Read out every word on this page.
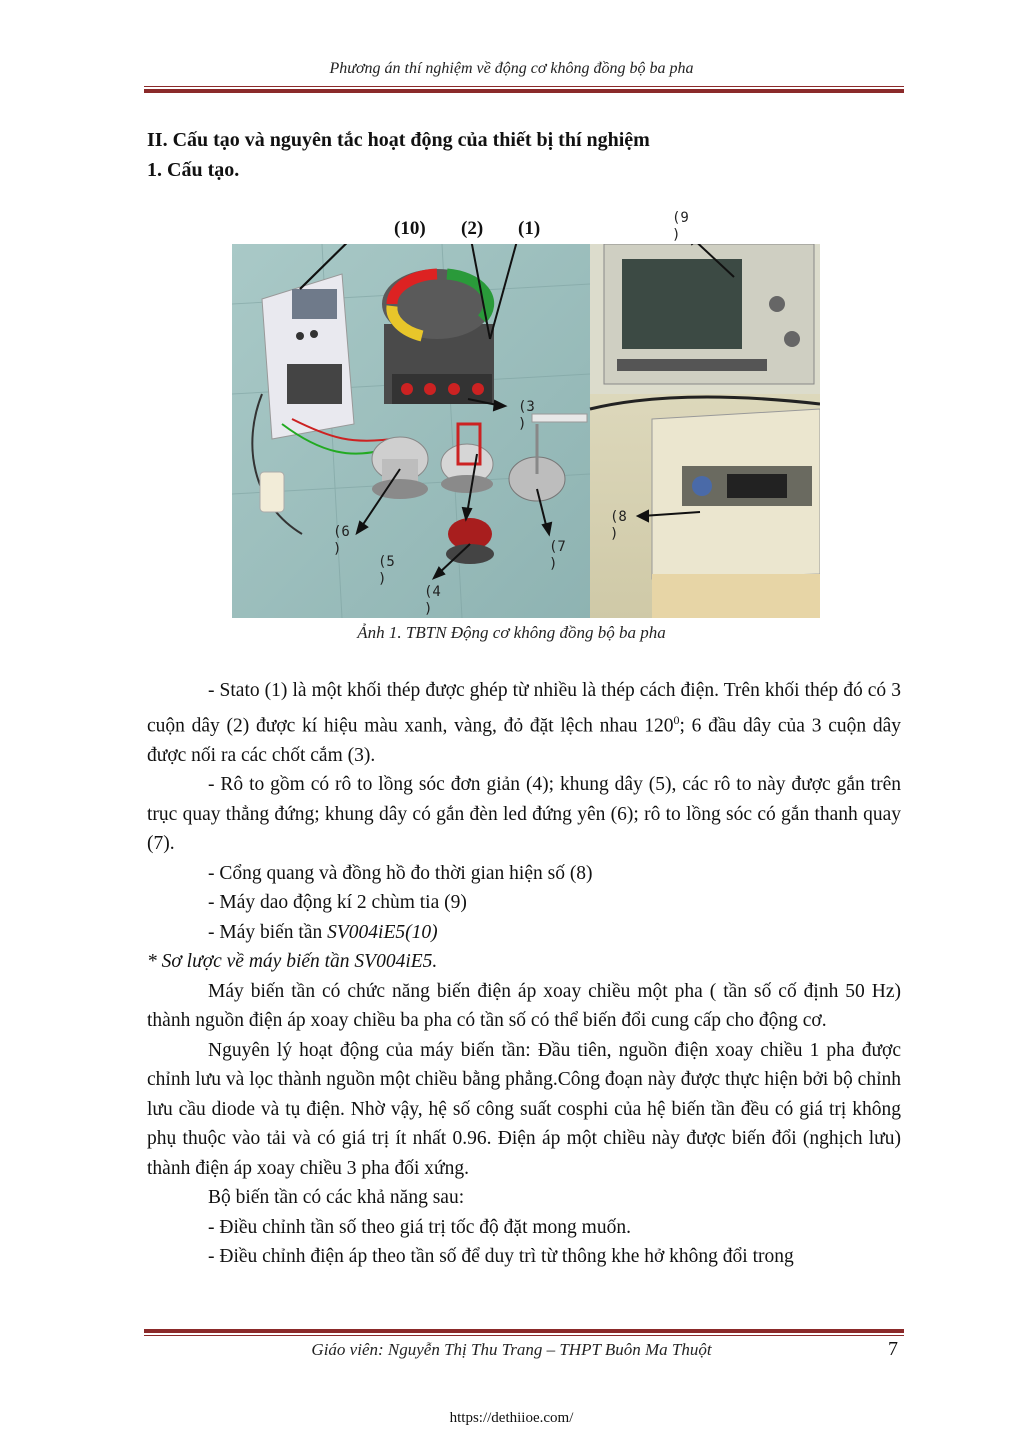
Phương án thí nghiệm về động cơ không đồng bộ ba pha
II. Cấu tạo và nguyên tắc hoạt động của thiết bị thí nghiệm
1. Cấu tạo.
(10) (2) (1)	(9
)
(3
)
(8
)
(6
)
(5
)
(7
)
(4
)
Ảnh 1. TBTN Động cơ không đồng bộ ba pha

- Stato (1) là một khối thép được ghép từ nhiều là thép cách điện. Trên khối thép đó có 3 cuộn dây (2) được kí hiệu màu xanh, vàng, đỏ đặt lệch nhau $120^0$; 6 đầu dây của 3 cuộn dây được nối ra các chốt cắm (3).

- Rô to gồm có rô to lồng sóc đơn giản (4); khung dây (5), các rô to này được gắn trên trục quay thẳng đứng; khung dây có gắn đèn led đứng yên (6); rô to lồng sóc có gắn thanh quay (7).

- Cổng quang và đồng hồ đo thời gian hiện số (8)

- Máy dao động kí 2 chùm tia (9)

- Máy biến tần SV004iE5(10)

* Sơ lược về máy biến tần SV004iE5.

Máy biến tần có chức năng biến điện áp xoay chiều một pha ( tần số cố định 50 Hz) thành nguồn điện áp xoay chiều ba pha có tần số có thể biến đổi cung cấp cho động cơ.

Nguyên lý hoạt động của máy biến tần: Đầu tiên, nguồn điện xoay chiều 1 pha được chỉnh lưu và lọc thành nguồn một chiều bằng phẳng.Công đoạn này được thực hiện bởi bộ chỉnh lưu cầu diode và tụ điện. Nhờ vậy, hệ số công suất cosphi của hệ biến tần đều có giá trị không phụ thuộc vào tải và có giá trị ít nhất 0.96. Điện áp một chiều này được biến đổi (nghịch lưu) thành điện áp xoay chiều 3 pha đối xứng.

Bộ biến tần có các khả năng sau:

- Điều chỉnh tần số theo giá trị tốc độ đặt mong muốn.

- Điều chỉnh điện áp theo tần số để duy trì từ thông khe hở không đổi trong

Giáo viên: Nguyễn Thị Thu Trang – THPT Buôn Ma Thuột	7
https://dethiioe.com/
